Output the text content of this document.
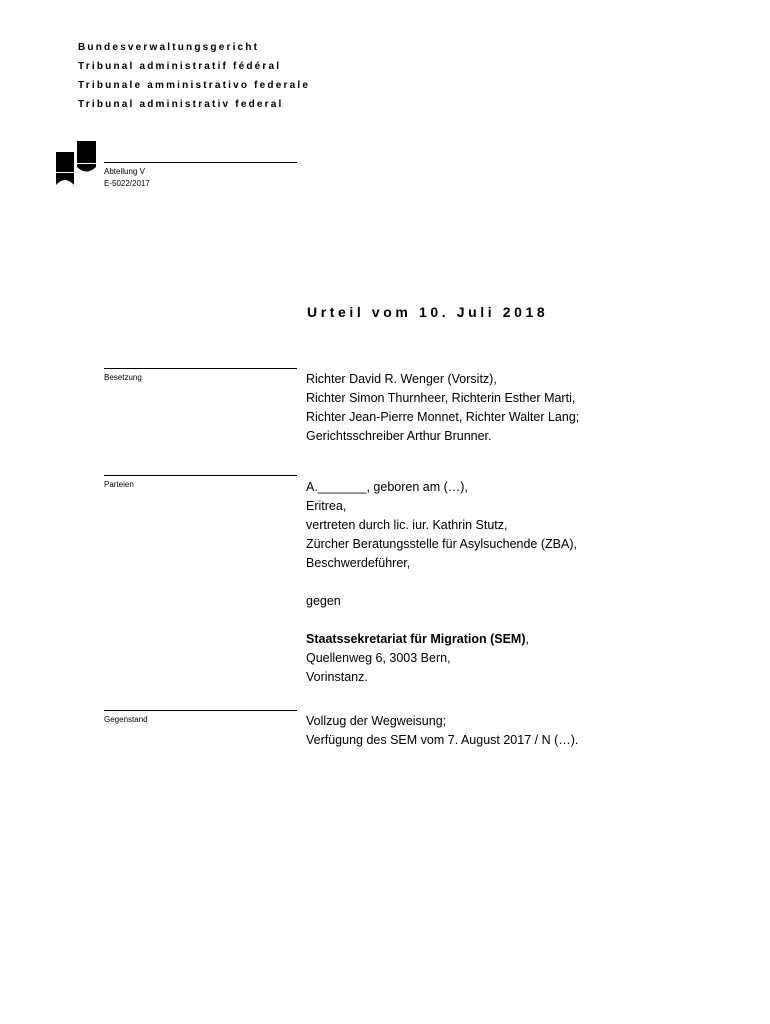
Bundesverwaltungsgericht
Tribunal administratif fédéral
Tribunale amministrativo federale
Tribunal administrativ federal
Abteilung V
E-5022/2017
Urteil vom 10. Juli 2018
Besetzung	Richter David R. Wenger (Vorsitz),
Richter Simon Thurnheer, Richterin Esther Marti,
Richter Jean-Pierre Monnet, Richter Walter Lang;
Gerichtsschreiber Arthur Brunner.
Parteien	A._______, geboren am (…),
Eritrea,
vertreten durch lic. iur. Kathrin Stutz,
Zürcher Beratungsstelle für Asylsuchende (ZBA),
Beschwerdeführer,
gegen
Staatssekretariat für Migration (SEM),
Quellenweg 6, 3003 Bern,
Vorinstanz.
Gegenstand	Vollzug der Wegweisung;
Verfügung des SEM vom 7. August 2017 / N (…).
